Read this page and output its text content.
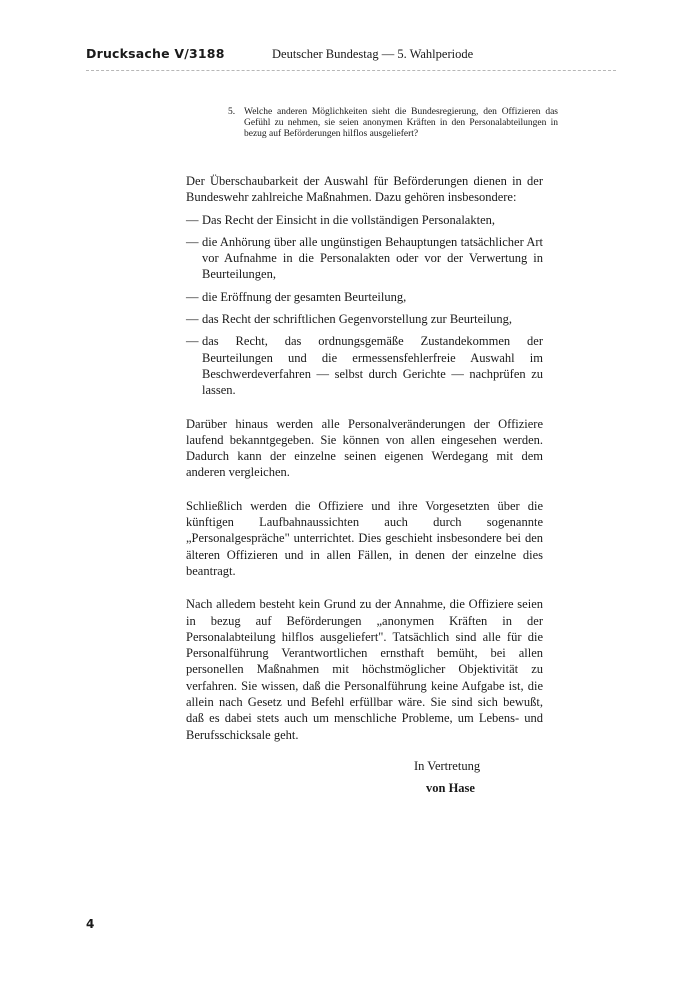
Drucksache V/3188	Deutscher Bundestag — 5. Wahlperiode
5. Welche anderen Möglichkeiten sieht die Bundesregierung, den Offizieren das Gefühl zu nehmen, sie seien anonymen Kräften in den Personalabteilungen in bezug auf Beförderungen hilflos ausgeliefert?

Der Überschaubarkeit der Auswahl für Beförderungen dienen in der Bundeswehr zahlreiche Maßnahmen. Dazu gehören insbesondere:

— Das Recht der Einsicht in die vollständigen Personalakten,
— die Anhörung über alle ungünstigen Behauptungen tatsächlicher Art vor Aufnahme in die Personalakten oder vor der Verwertung in Beurteilungen,
— die Eröffnung der gesamten Beurteilung,
— das Recht der schriftlichen Gegenvorstellung zur Beurteilung,
— das Recht, das ordnungsgemäße Zustandekommen der Beurteilungen und die ermessensfehlerfreie Auswahl im Beschwerdeverfahren — selbst durch Gerichte — nachprüfen zu lassen.

Darüber hinaus werden alle Personalveränderungen der Offiziere laufend bekanntgegeben. Sie können von allen eingesehen werden. Dadurch kann der einzelne seinen eigenen Werdegang mit dem anderen vergleichen.

Schließlich werden die Offiziere und ihre Vorgesetzten über die künftigen Laufbahnaussichten auch durch sogenannte „Personalgespräche" unterrichtet. Dies geschieht insbesondere bei den älteren Offizieren und in allen Fällen, in denen der einzelne dies beantragt.

Nach alledem besteht kein Grund zu der Annahme, die Offiziere seien in bezug auf Beförderungen „anonymen Kräften in der Personalabteilung hilflos ausgeliefert". Tatsächlich sind alle für die Personalführung Verantwortlichen ernsthaft bemüht, bei allen personellen Maßnahmen mit höchstmöglicher Objektivität zu verfahren. Sie wissen, daß die Personalführung keine Aufgabe ist, die allein nach Gesetz und Befehl erfüllbar wäre. Sie sind sich bewußt, daß es dabei stets auch um menschliche Probleme, um Lebens- und Berufsschicksale geht.

In Vertretung
von Hase
4
